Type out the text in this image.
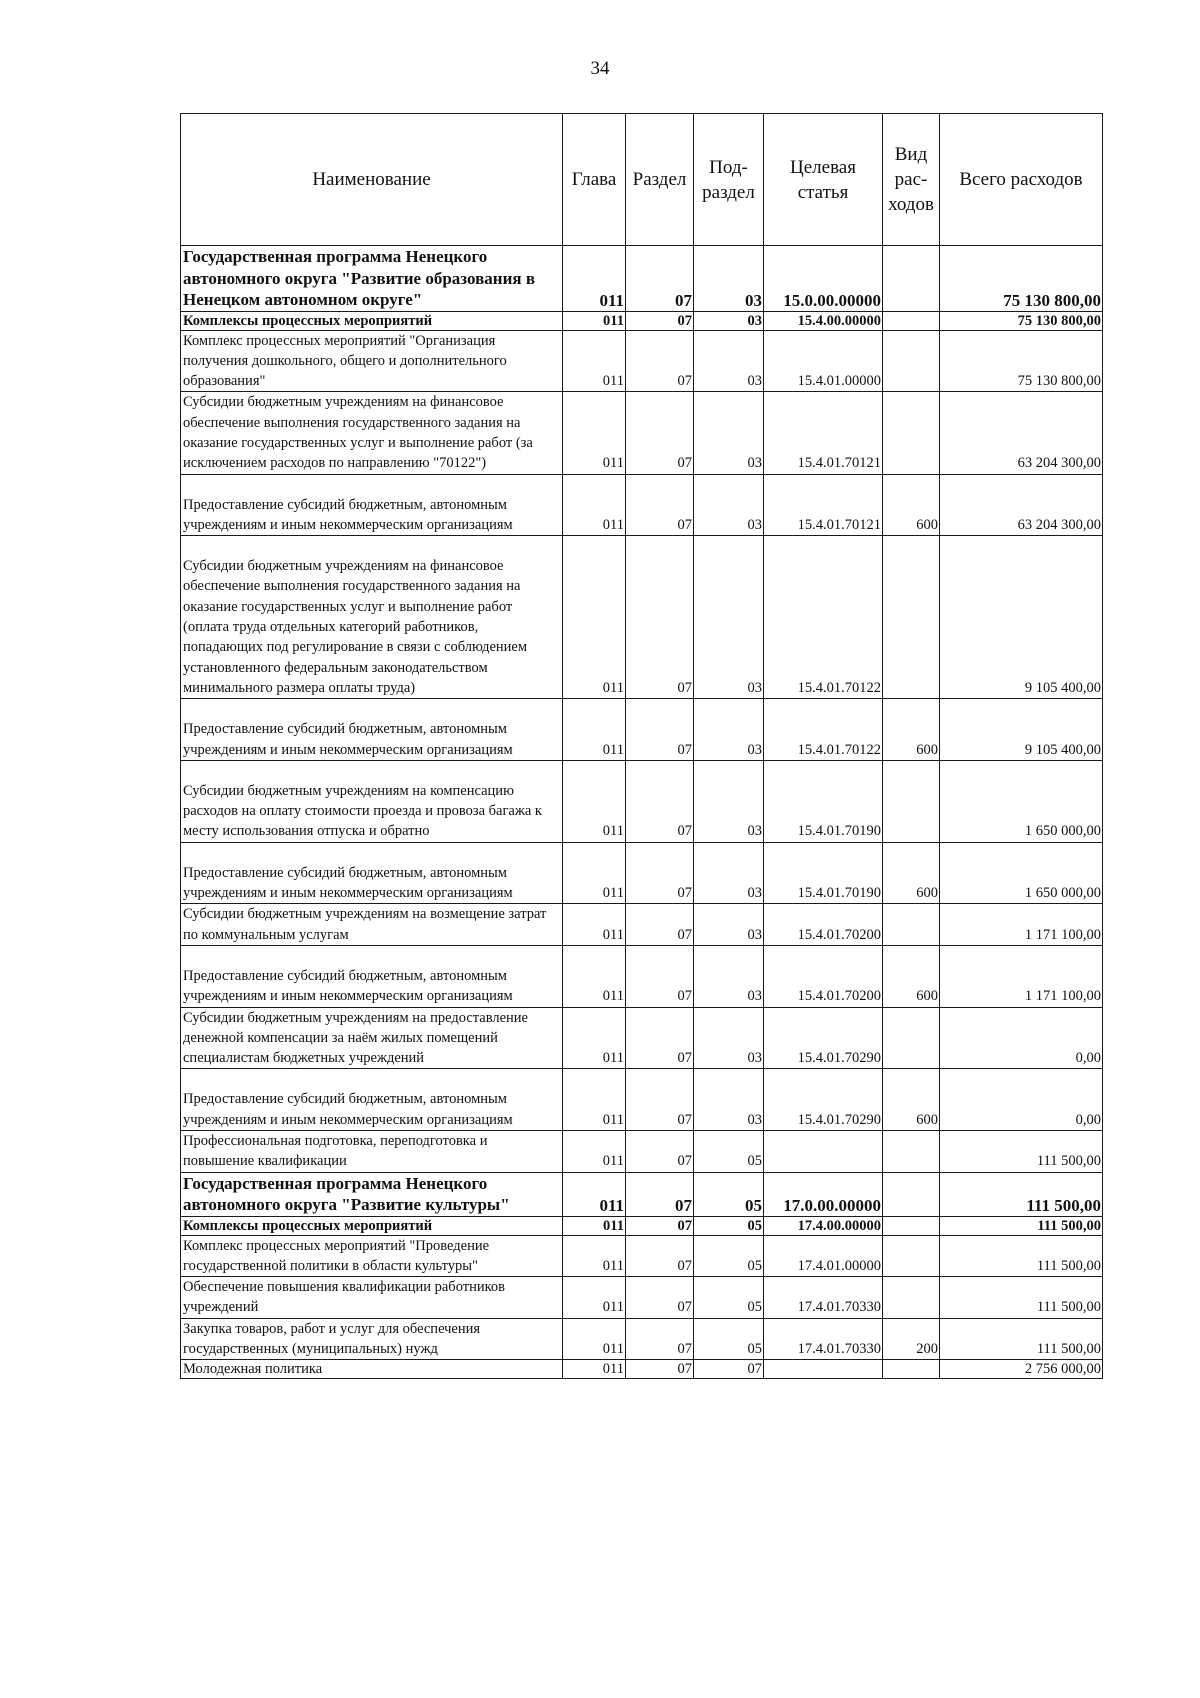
34
Наименование	Глава	Раздел	Под-раздел	Целевая статья	Вид рас-ходов	Всего расходов
Государственная программа Ненецкого автономного округа "Развитие образования в Ненецком автономном округе"	011	07	03	15.0.00.00000		75 130 800,00
Комплексы процессных мероприятий	011	07	03	15.4.00.00000		75 130 800,00
Комплекс процессных мероприятий "Организация получения дошкольного, общего и дополнительного образования"	011	07	03	15.4.01.00000		75 130 800,00
Субсидии бюджетным учреждениям на финансовое обеспечение выполнения государственного задания на оказание государственных услуг и выполнение работ (за исключением расходов по направлению "70122")	011	07	03	15.4.01.70121		63 204 300,00

Предоставление субсидий бюджетным, автономным учреждениям и иным некоммерческим организациям	011	07	03	15.4.01.70121	600	63 204 300,00

Субсидии бюджетным учреждениям на финансовое обеспечение выполнения государственного задания на оказание государственных услуг и выполнение работ (оплата труда отдельных категорий работников, попадающих под регулирование в связи с соблюдением установленного федеральным законодательством минимального размера оплаты труда)	011	07	03	15.4.01.70122		9 105 400,00

Предоставление субсидий бюджетным, автономным учреждениям и иным некоммерческим организациям	011	07	03	15.4.01.70122	600	9 105 400,00

Субсидии бюджетным учреждениям на компенсацию расходов на оплату стоимости проезда и провоза багажа к месту использования отпуска и обратно	011	07	03	15.4.01.70190		1 650 000,00

Предоставление субсидий бюджетным, автономным учреждениям и иным некоммерческим организациям	011	07	03	15.4.01.70190	600	1 650 000,00
Субсидии бюджетным учреждениям на возмещение затрат по коммунальным услугам	011	07	03	15.4.01.70200		1 171 100,00

Предоставление субсидий бюджетным, автономным учреждениям и иным некоммерческим организациям	011	07	03	15.4.01.70200	600	1 171 100,00
Субсидии бюджетным учреждениям на предоставление денежной компенсации за наём жилых помещений специалистам бюджетных учреждений	011	07	03	15.4.01.70290		0,00

Предоставление субсидий бюджетным, автономным учреждениям и иным некоммерческим организациям	011	07	03	15.4.01.70290	600	0,00
Профессиональная подготовка, переподготовка и повышение квалификации	011	07	05			111 500,00
Государственная программа Ненецкого автономного округа "Развитие культуры"	011	07	05	17.0.00.00000		111 500,00
Комплексы процессных мероприятий	011	07	05	17.4.00.00000		111 500,00
Комплекс процессных мероприятий "Проведение государственной политики в области культуры"	011	07	05	17.4.01.00000		111 500,00
Обеспечение повышения квалификации работников учреждений	011	07	05	17.4.01.70330		111 500,00
Закупка товаров, работ и услуг для обеспечения государственных (муниципальных) нужд	011	07	05	17.4.01.70330	200	111 500,00
Молодежная политика	011	07	07			2 756 000,00
